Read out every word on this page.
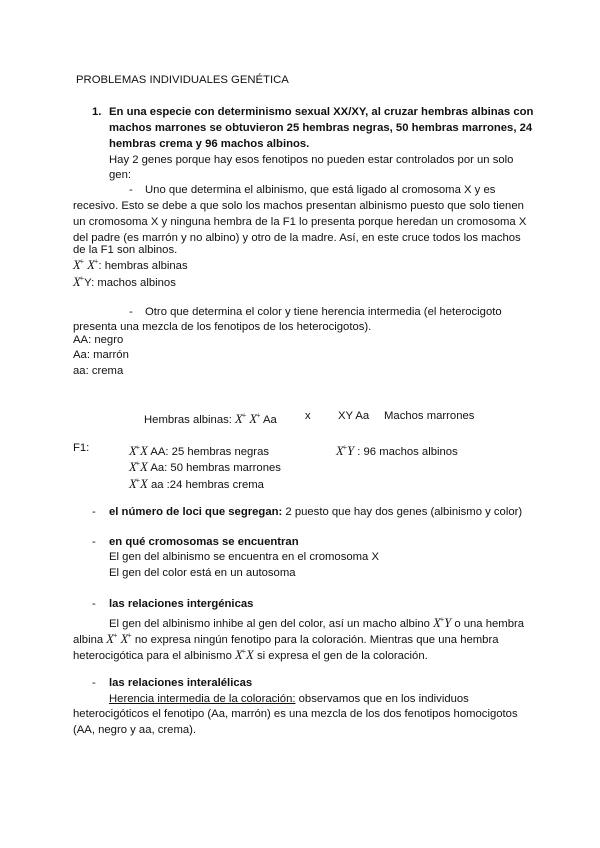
PROBLEMAS INDIVIDUALES GENÉTICA
1. En una especie con determinismo sexual XX/XY, al cruzar hembras albinas con
machos marrones se obtuvieron 25 hembras negras, 50 hembras marrones, 24
hembras crema y 96 machos albinos.
Hay 2 genes porque hay esos fenotipos no pueden estar controlados por un solo
gen:
- Uno que determina el albinismo, que está ligado al cromosoma X y es
recesivo. Esto se debe a que solo los machos presentan albinismo puesto que solo tienen
un cromosoma X y ninguna hembra de la F1 lo presenta porque heredan un cromosoma X
del padre (es marrón y no albino) y otro de la madre. Así, en este cruce todos los machos
de la F1 son albinos.
X+ X+: hembras albinas
X+Y: machos albinos
- Otro que determina el color y tiene herencia intermedia (el heterocigoto
presenta una mezcla de los fenotipos de los heterocigotos).
AA: negro
Aa: marrón
aa: crema
Hembras albinas: X+ X+ Aa x XY Aa Machos marrones
F1:	X+X AA: 25 hembras negras
X+X Aa: 50 hembras marrones
X+X aa :24 hembras crema
X+Y : 96 machos albinos
- el número de loci que segregan: 2 puesto que hay dos genes (albinismo y color)
- en qué cromosomas se encuentran
El gen del albinismo se encuentra en el cromosoma X
El gen del color está en un autosoma
- las relaciones intergénicas
El gen del albinismo inhibe al gen del color, así un macho albino X+Y o una hembra
albina X+ X+ no expresa ningún fenotipo para la coloración. Mientras que una hembra
heterocigótica para el albinismo X+X si expresa el gen de la coloración.
- las relaciones interalélicas
Herencia intermedia de la coloración: observamos que en los individuos
heterocigóticos el fenotipo (Aa, marrón) es una mezcla de los dos fenotipos homocigotos
(AA, negro y aa, crema).
